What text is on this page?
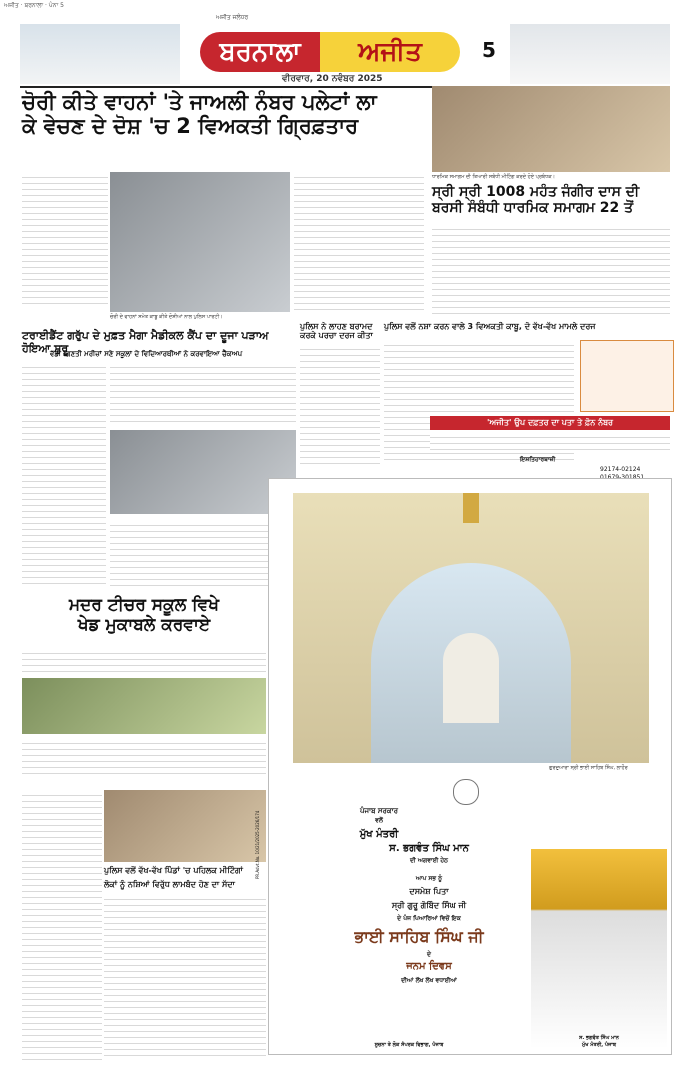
ਅਜੀਤ · ਬਰਨਾਲਾ · ਪੰਨਾ 5
ਅਜੀਤ ਜਲੰਧਰ
ਬਰਨਾਲਾ	ਅਜੀਤ	5
ਵੀਰਵਾਰ, 20 ਨਵੰਬਰ 2025
ਚੋਰੀ ਕੀਤੇ ਵਾਹਨਾਂ 'ਤੇ ਜਾਅਲੀ ਨੰਬਰ ਪਲੇਟਾਂ ਲਾ
ਕੇ ਵੇਚਣ ਦੇ ਦੋਸ਼ 'ਚ 2 ਵਿਅਕਤੀ ਗ੍ਰਿਫ਼ਤਾਰ
ਚੋਰੀ ਦੇ ਵਾਹਨਾਂ ਸਮੇਤ ਕਾਬੂ ਕੀਤੇ ਦੋਸ਼ੀਆਂ ਨਾਲ ਪੁਲਿਸ ਪਾਰਟੀ।
ਧਾਰਮਿਕ ਸਮਾਗਮ ਦੀ ਤਿਆਰੀ ਸਬੰਧੀ ਮੀਟਿੰਗ ਕਰਦੇ ਹੋਏ ਪ੍ਰਬੰਧਕ।
ਸ੍ਰੀ ਸ੍ਰੀ 1008 ਮਹੰਤ ਜੰਗੀਰ ਦਾਸ ਦੀ
ਬਰਸੀ ਸੰਬੰਧੀ ਧਾਰਮਿਕ ਸਮਾਗਮ 22 ਤੋਂ
ਟਰਾਈਡੈਂਟ ਗਰੁੱਪ ਦੇ ਮੁਫ਼ਤ ਮੈਗਾ ਮੈਡੀਕਲ ਕੈਂਪ ਦਾ ਦੂਜਾ ਪੜਾਅ ਹੋਇਆ ਸ਼ੁਰੂ
ਵੱਡੀ ਗਿਣਤੀ ਮਰੀਜ਼ਾਂ ਸਣੇ ਸਕੂਲਾਂ ਦੇ ਵਿਦਿਆਰਥੀਆਂ ਨੇ ਕਰਵਾਇਆ ਚੈੱਕਅਪ
ਪੁਲਿਸ ਨੇ ਲਾਹਣ ਬਰਾਮਦ ਕਰਕੇ ਪਰਚਾ ਦਰਜ ਕੀਤਾ
ਪੁਲਿਸ ਵਲੋਂ ਨਸ਼ਾ ਕਰਨ ਵਾਲੇ 3 ਵਿਅਕਤੀ ਕਾਬੂ, ਦੋ ਵੱਖ-ਵੱਖ ਮਾਮਲੇ ਦਰਜ
'ਅਜੀਤ' ਉਪ ਦਫ਼ਤਰ ਦਾ ਪਤਾ ਤੇ ਫ਼ੋਨ ਨੰਬਰ
ਇਸ਼ਤਿਹਾਰਬਾਜ਼ੀ
92174-02124
ਮਦਰ ਟੀਚਰ ਸਕੂਲ ਵਿਖੇ
ਖੇਡ ਮੁਕਾਬਲੇ ਕਰਵਾਏ
ਪੁਲਿਸ ਵਲੋਂ ਵੱਖ-ਵੱਖ ਪਿੰਡਾਂ 'ਚ ਪਹਿਲਕ ਮੀਟਿੰਗਾਂ
ਲੋਕਾਂ ਨੂੰ ਨਸ਼ਿਆਂ ਵਿਰੁੱਧ ਲਾਮਬੰਦ ਹੋਣ ਦਾ ਸੱਦਾ
ਗੁਰਦੁਆਰਾ ਸ੍ਰੀ ਭਾਈ ਸਾਹਿਬ ਸਿੰਘ, ਲਾਹੌਰ
ਪੰਜਾਬ ਸਰਕਾਰ
ਵਲੋਂ
ਮੁੱਖ ਮੰਤਰੀ
ਸ. ਭਗਵੰਤ ਸਿੰਘ ਮਾਨ
ਦੀ ਅਗਵਾਈ ਹੇਠ
ਆਪ ਸਭ ਨੂੰ
ਦਸਮੇਸ਼ ਪਿਤਾ
ਸ੍ਰੀ ਗੁਰੂ ਗੋਬਿੰਦ ਸਿੰਘ ਜੀ
ਦੇ ਪੰਜ ਪਿਆਰਿਆਂ ਵਿਚੋਂ ਇਕ
ਭਾਈ ਸਾਹਿਬ ਸਿੰਘ ਜੀ
ਦੇ
ਜਨਮ ਦਿਵਸ
ਦੀਆਂ ਲੱਖ ਲੱਖ ਵਧਾਈਆਂ
ਸ. ਭਗਵੰਤ ਸਿੰਘ ਮਾਨ
ਮੁੱਖ ਮੰਤਰੀ, ਪੰਜਾਬ
ਸੂਚਨਾ ਤੇ ਲੋਕ ਸੰਪਰਕ ਵਿਭਾਗ, ਪੰਜਾਬ
PR.Advt.No. 10/21/2025-2026/174
